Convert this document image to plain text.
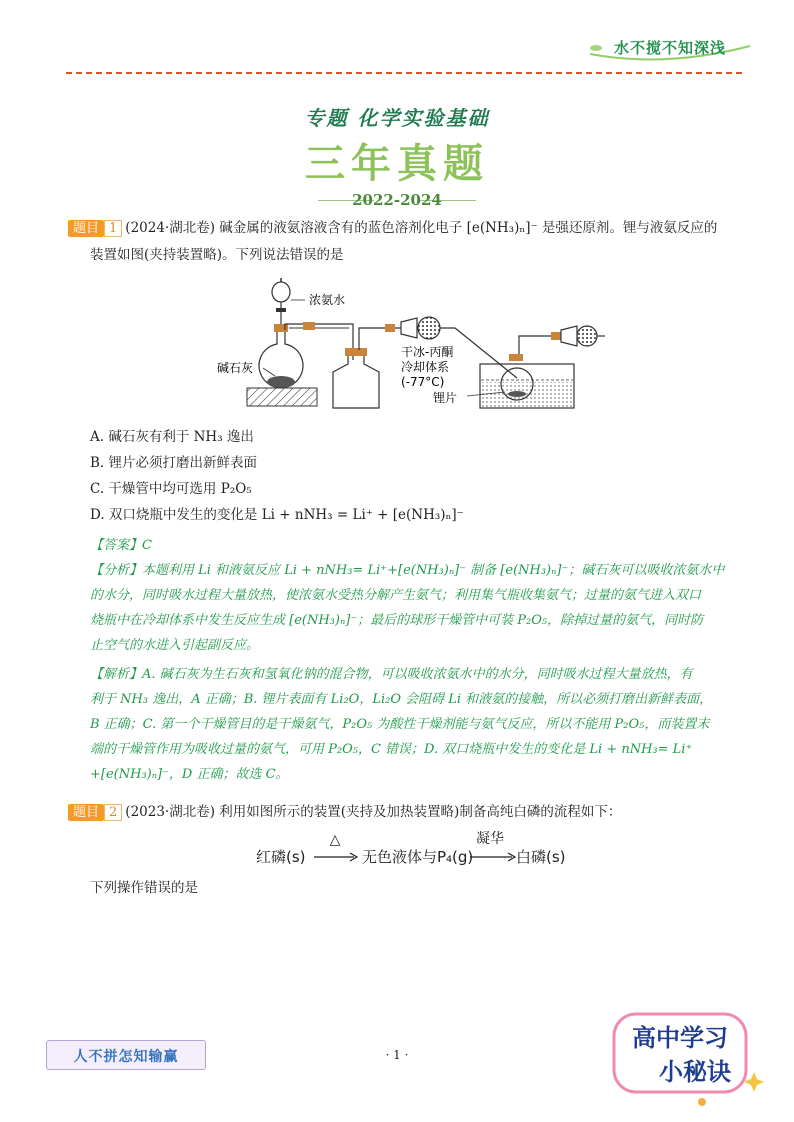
水不搅不知深浅
专题 化学实验基础
三年真题
2022-2024
题目 1 (2024·湖北卷) 碱金属的液氨溶液含有的蓝色溶剂化电子 [e(NH₃)ₙ]⁻ 是强还原剂。锂与液氨反应的
装置如图(夹持装置略)。下列说法错误的是
浓氨水
碱石灰
干冰-丙酮
冷却体系
(-77°C)
锂片
A. 碱石灰有利于 NH₃ 逸出
B. 锂片必须打磨出新鲜表面
C. 干燥管中均可选用 P₂O₅
D. 双口烧瓶中发生的变化是 Li + nNH₃ = Li⁺ + [e(NH₃)ₙ]⁻
【答案】C
【分析】本题利用 Li 和液氨反应 Li + nNH₃= Li⁺+[e(NH₃)ₙ]⁻ 制备 [e(NH₃)ₙ]⁻；碱石灰可以吸收浓氨水中
的水分，同时吸水过程大量放热，使浓氨水受热分解产生氨气；利用集气瓶收集氨气；过量的氨气进入双口
烧瓶中在冷却体系中发生反应生成 [e(NH₃)ₙ]⁻；最后的球形干燥管中可装 P₂O₅，除掉过量的氨气，同时防
止空气的水进入引起副反应。
【解析】A. 碱石灰为生石灰和氢氧化钠的混合物，可以吸收浓氨水中的水分，同时吸水过程大量放热，有
利于 NH₃ 逸出，A 正确；B. 锂片表面有 Li₂O，Li₂O 会阻碍 Li 和液氨的接触，所以必须打磨出新鲜表面，
B 正确；C. 第一个干燥管目的是干燥氨气，P₂O₅ 为酸性干燥剂能与氨气反应，所以不能用 P₂O₅，而装置末
端的干燥管作用为吸收过量的氨气，可用 P₂O₅，C 错误；D. 双口烧瓶中发生的变化是 Li + nNH₃= Li⁺
+[e(NH₃)ₙ]⁻，D 正确；故选 C。
题目 2 (2023·湖北卷) 利用如图所示的装置(夹持及加热装置略)制备高纯白磷的流程如下：
红磷(s)
△
无色液体与P₄(g)
凝华
白磷(s)
下列操作错误的是
人不拼怎知输赢	· 1 ·
高中学习
小秘诀
